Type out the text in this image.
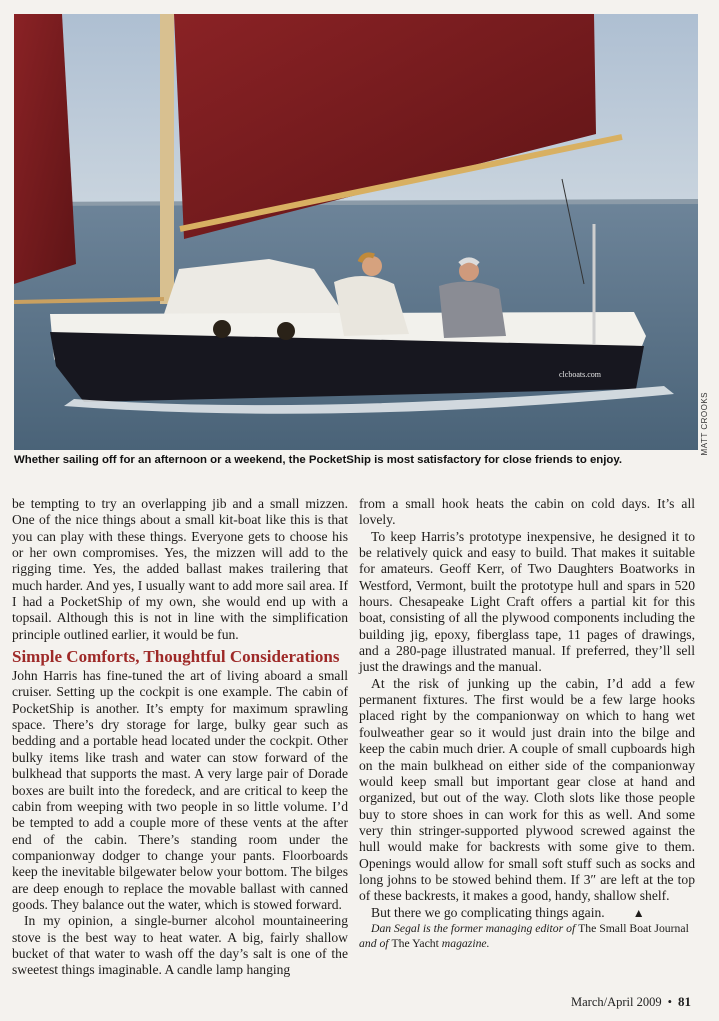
clcboats.com
MATT CROOKS
Whether sailing off for an afternoon or a weekend, the PocketShip is most satisfactory for close friends to enjoy.

be tempting to try an overlapping jib and a small mizzen. One of the nice things about a small kit-boat like this is that you can play with these things. Everyone gets to choose his or her own compromises. Yes, the mizzen will add to the rigging time. Yes, the added ballast makes trailering that much harder. And yes, I usually want to add more sail area. If I had a PocketShip of my own, she would end up with a topsail. Although this is not in line with the simplification principle outlined earlier, it would be fun.

Simple Comforts, Thoughtful Considerations

John Harris has fine-tuned the art of living aboard a small cruiser. Setting up the cockpit is one example. The cabin of PocketShip is another. It’s empty for maximum sprawling space. There’s dry storage for large, bulky gear such as bedding and a portable head located under the cockpit. Other bulky items like trash and water can stow forward of the bulkhead that supports the mast. A very large pair of Dorade boxes are built into the foredeck, and are critical to keep the cabin from weeping with two people in so little volume. I’d be tempted to add a couple more of these vents at the after end of the cabin. There’s standing room under the companionway dodger to change your pants. Floorboards keep the inevitable bilgewater below your bottom. The bilges are deep enough to replace the movable ballast with canned goods. They balance out the water, which is stowed forward.

In my opinion, a single-burner alcohol mountaineering stove is the best way to heat water. A big, fairly shallow bucket of that water to wash off the day’s salt is one of the sweetest things imaginable. A candle lamp hanging

from a small hook heats the cabin on cold days. It’s all lovely.

To keep Harris’s prototype inexpensive, he designed it to be relatively quick and easy to build. That makes it suitable for amateurs. Geoff Kerr, of Two Daughters Boatworks in Westford, Vermont, built the prototype hull and spars in 520 hours. Chesapeake Light Craft offers a partial kit for this boat, consisting of all the plywood components including the building jig, epoxy, fiberglass tape, 11 pages of drawings, and a 280-page illustrated manual. If preferred, they’ll sell just the drawings and the manual.

At the risk of junking up the cabin, I’d add a few permanent fixtures. The first would be a few large hooks placed right by the companionway on which to hang wet foulweather gear so it would just drain into the bilge and keep the cabin much drier. A couple of small cupboards high on the main bulkhead on either side of the companionway would keep small but important gear close at hand and organized, but out of the way. Cloth slots like those people buy to store shoes in can work for this as well. And some very thin stringer-supported plywood screwed against the hull would make for backrests with some give to them. Openings would allow for small soft stuff such as socks and long johns to be stowed behind them. If 3″ are left at the top of these backrests, it makes a good, handy, shallow shelf.

But there we go complicating things again. ▲

Dan Segal is the former managing editor of The Small Boat Journal and of The Yacht magazine.

March/April 2009 • 81
